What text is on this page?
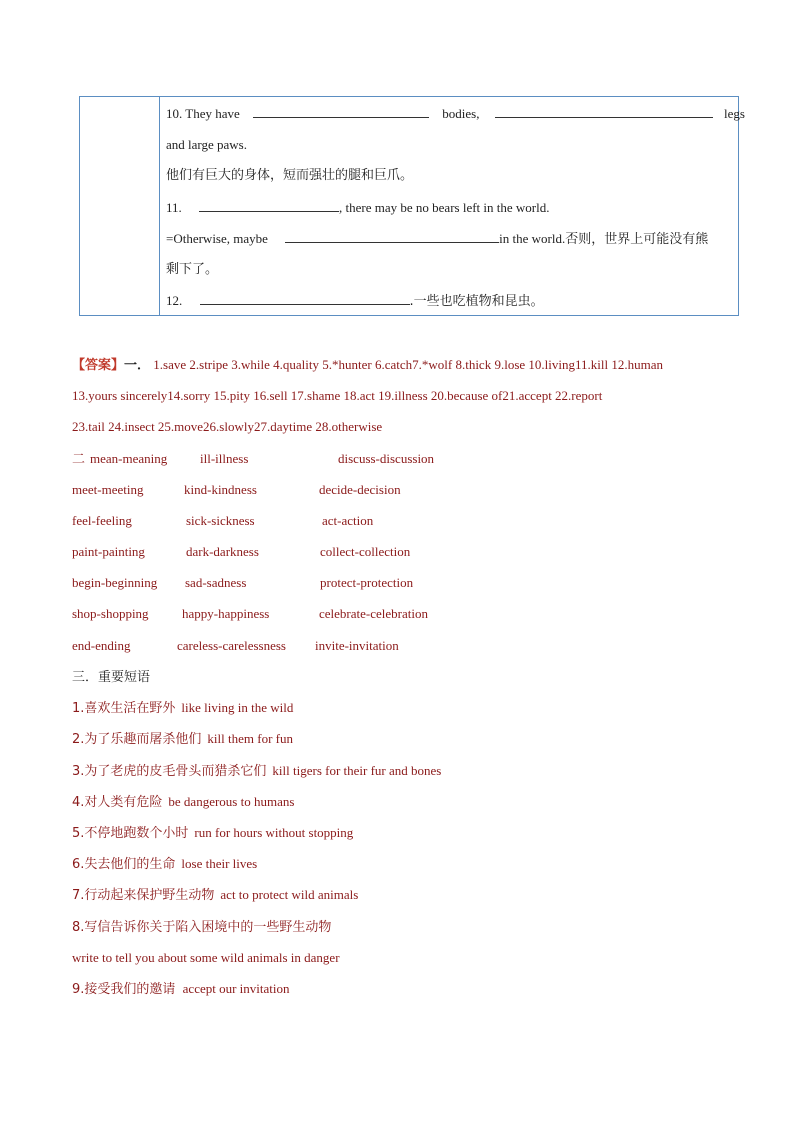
10. They have	bodies,	legs
and large paws.
他们有巨大的身体，短而强壮的腿和巨爪。
11.	, there may be no bears left in the world.
=Otherwise, maybe	in the world.否则，世界上可能没有熊
剩下了。
12.	.一些也吃植物和昆虫。
【答案】一． 1.save 2.stripe 3.while 4.quality 5.*hunter 6.catch7.*wolf 8.thick 9.lose 10.living11.kill 12.human
13.yours sincerely14.sorry 15.pity 16.sell 17.shame 18.act 19.illness 20.because of21.accept 22.report
23.tail 24.insect 25.move26.slowly27.daytime 28.otherwise
二 mean-meaning	ill-illness	discuss-discussion
meet-meeting	kind-kindness	decide-decision
feel-feeling	sick-sickness	act-action
paint-painting	dark-darkness	collect-collection
begin-beginning sad-sadness	protect-protection
shop-shopping	happy-happiness	celebrate-celebration
end-ending	careless-carelessness invite-invitation
三．重要短语
1.喜欢生活在野外 like living in the wild
2.为了乐趣而屠杀他们 kill them for fun
3.为了老虎的皮毛骨头而猎杀它们 kill tigers for their fur and bones
4.对人类有危险 be dangerous to humans
5.不停地跑数个小时 run for hours without stopping
6.失去他们的生命 lose their lives
7.行动起来保护野生动物 act to protect wild animals
8.写信告诉你关于陷入困境中的一些野生动物
write to tell you about some wild animals in danger
9.接受我们的邀请 accept our invitation
